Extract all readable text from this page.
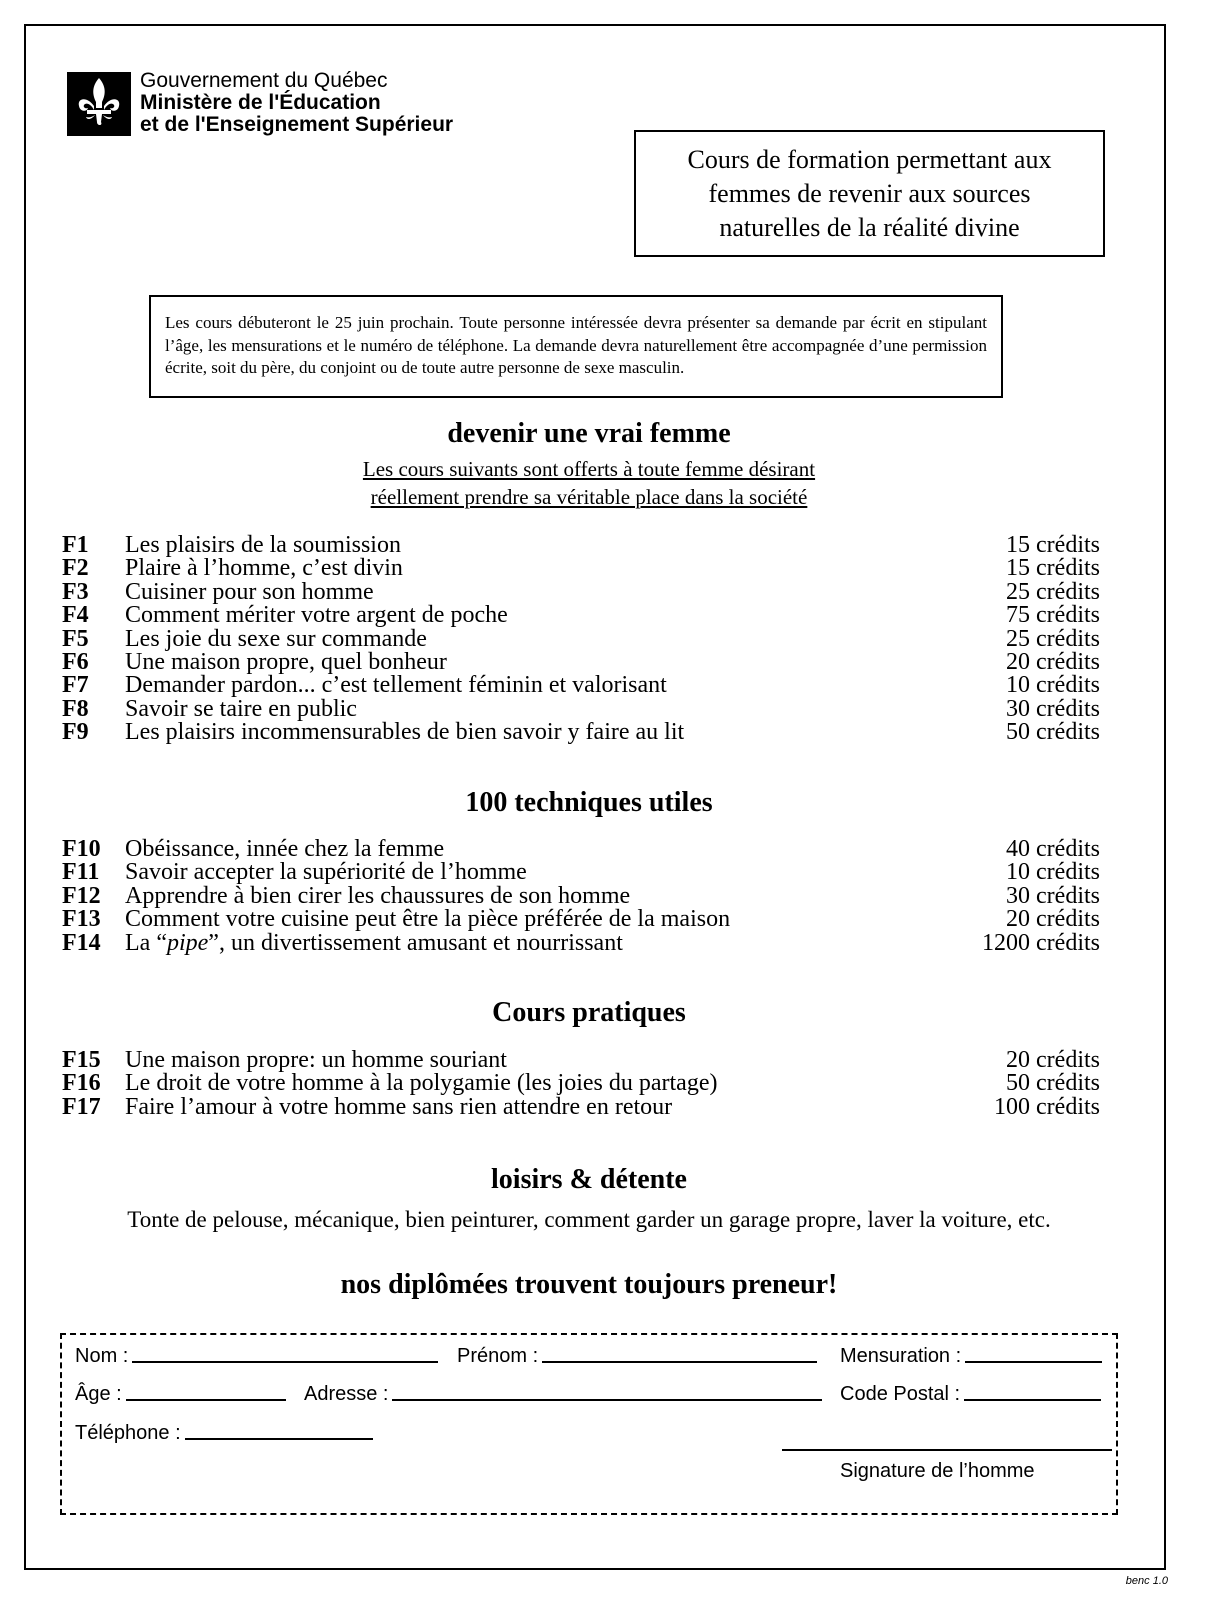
Gouvernement du Québec
Ministère de l'Éducation
et de l'Enseignement Supérieur
Cours de formation permettant aux
femmes de revenir aux sources
naturelles de la réalité divine
Les cours débuteront le 25 juin prochain. Toute personne intéressée devra présenter sa demande par écrit en stipulant l’âge, les mensurations et le numéro de téléphone. La demande devra naturellement être accompagnée d’une permission écrite, soit du père, du conjoint ou de toute autre personne de sexe masculin.
devenir une vrai femme
Les cours suivants sont offerts à toute femme désirant
réellement prendre sa véritable place dans la société
F1	Les plaisirs de la soumission	15 crédits
F2	Plaire à l’homme, c’est divin	15 crédits
F3	Cuisiner pour son homme	25 crédits
F4	Comment mériter votre argent de poche	75 crédits
F5	Les joie du sexe sur commande	25 crédits
F6	Une maison propre, quel bonheur	20 crédits
F7	Demander pardon... c’est tellement féminin et valorisant	10 crédits
F8	Savoir se taire en public	30 crédits
F9	Les plaisirs incommensurables de bien savoir y faire au lit	50 crédits
100 techniques utiles
F10	Obéissance, innée chez la femme	40 crédits
F11	Savoir accepter la supériorité de l’homme	10 crédits
F12	Apprendre à bien cirer les chaussures de son homme	30 crédits
F13	Comment votre cuisine peut être la pièce préférée de la maison	20 crédits
F14	La “pipe”, un divertissement amusant et nourrissant	1200 crédits
Cours pratiques
F15	Une maison propre: un homme souriant	20 crédits
F16	Le droit de votre homme à la polygamie (les joies du partage)	50 crédits
F17	Faire l’amour à votre homme sans rien attendre en retour	100 crédits
loisirs & détente
Tonte de pelouse, mécanique, bien peinturer, comment garder un garage propre, laver la voiture, etc.
nos diplômées trouvent toujours preneur!
Nom :	Prénom :	Mensuration :
Âge :	Adresse :	Code Postal :
Téléphone :
Signature de l’homme
benc 1.0
